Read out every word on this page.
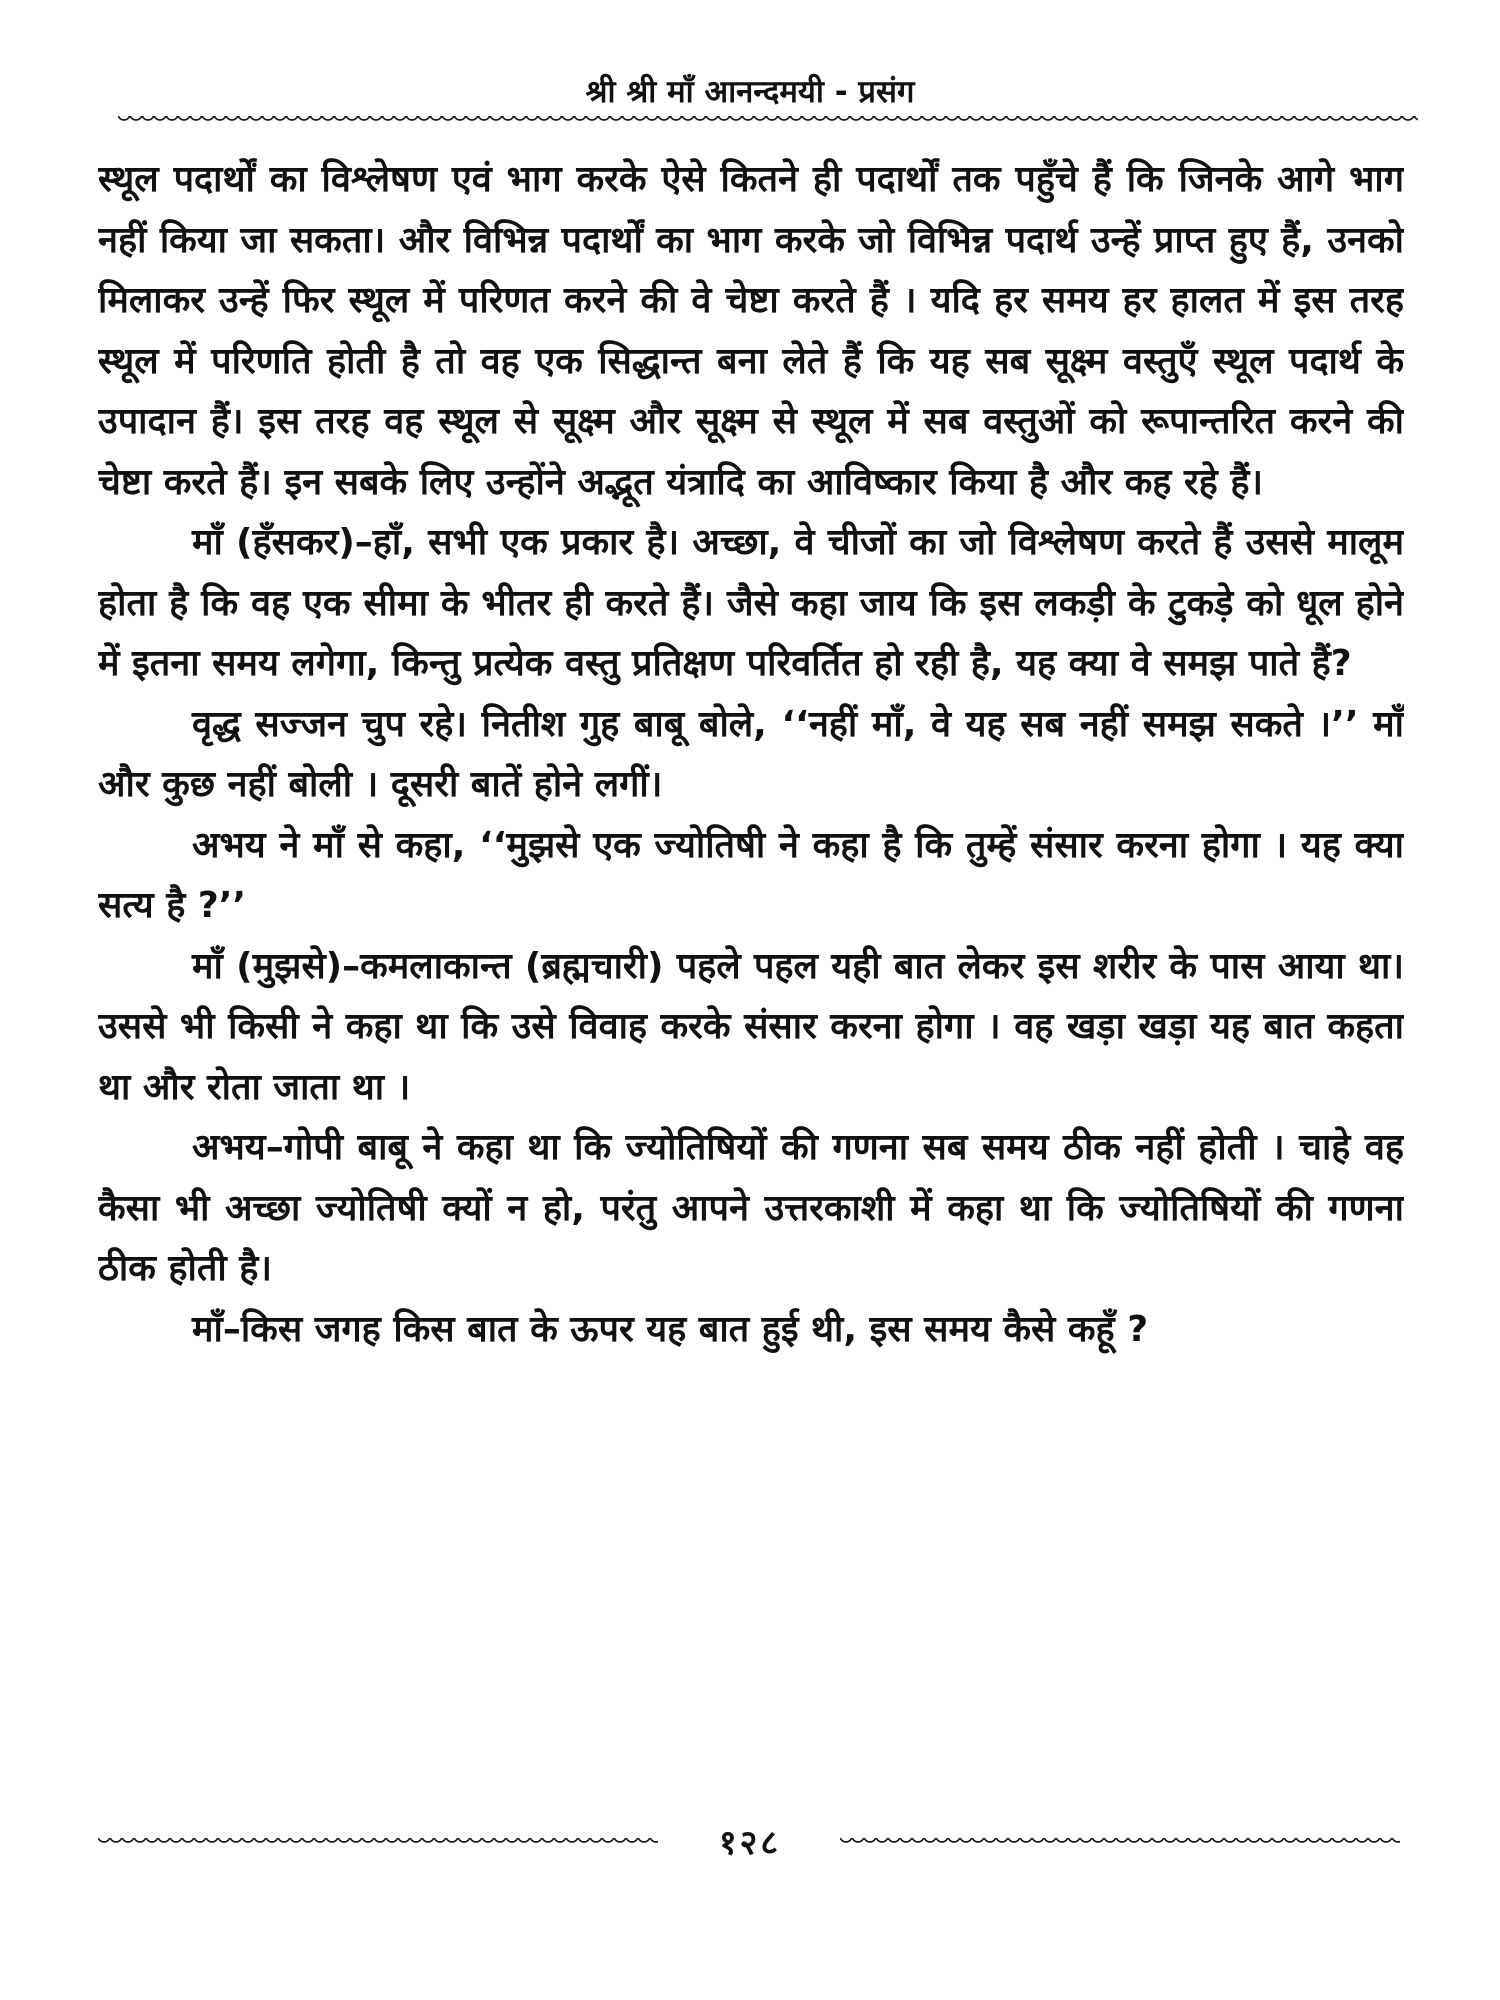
श्री श्री माँ आनन्दमयी - प्रसंग

स्थूल पदार्थों का विश्लेषण एवं भाग करके ऐसे कितने ही पदार्थों तक पहुँचे हैं कि जिनके आगे भाग नहीं किया जा सकता। और विभिन्न पदार्थों का भाग करके जो विभिन्न पदार्थ उन्हें प्राप्त हुए हैं, उनको मिलाकर उन्हें फिर स्थूल में परिणत करने की वे चेष्टा करते हैं । यदि हर समय हर हालत में इस तरह स्थूल में परिणति होती है तो वह एक सिद्धान्त बना लेते हैं कि यह सब सूक्ष्म वस्तुएँ स्थूल पदार्थ के उपादान हैं। इस तरह वह स्थूल से सूक्ष्म और सूक्ष्म से स्थूल में सब वस्तुओं को रूपान्तरित करने की चेष्टा करते हैं। इन सबके लिए उन्होंने अद्भूत यंत्रादि का आविष्कार किया है और कह रहे हैं।

माँ (हँसकर)–हाँ, सभी एक प्रकार है। अच्छा, वे चीजों का जो विश्लेषण करते हैं उससे मालूम होता है कि वह एक सीमा के भीतर ही करते हैं। जैसे कहा जाय कि इस लकड़ी के टुकड़े को धूल होने में इतना समय लगेगा, किन्तु प्रत्येक वस्तु प्रतिक्षण परिवर्तित हो रही है, यह क्या वे समझ पाते हैं?

वृद्ध सज्जन चुप रहे। नितीश गुह बाबू बोले, ‘‘नहीं माँ, वे यह सब नहीं समझ सकते ।’’ माँ और कुछ नहीं बोली । दूसरी बातें होने लगीं।

अभय ने माँ से कहा, ‘‘मुझसे एक ज्योतिषी ने कहा है कि तुम्हें संसार करना होगा । यह क्या सत्य है ?’’

माँ (मुझसे)–कमलाकान्त (ब्रह्मचारी) पहले पहल यही बात लेकर इस शरीर के पास आया था। उससे भी किसी ने कहा था कि उसे विवाह करके संसार करना होगा । वह खड़ा खड़ा यह बात कहता था और रोता जाता था ।

अभय–गोपी बाबू ने कहा था कि ज्योतिषियों की गणना सब समय ठीक नहीं होती । चाहे वह कैसा भी अच्छा ज्योतिषी क्यों न हो, परंतु आपने उत्तरकाशी में कहा था कि ज्योतिषियों की गणना ठीक होती है।

माँ–किस जगह किस बात के ऊपर यह बात हुई थी, इस समय कैसे कहूँ ?

१२८
